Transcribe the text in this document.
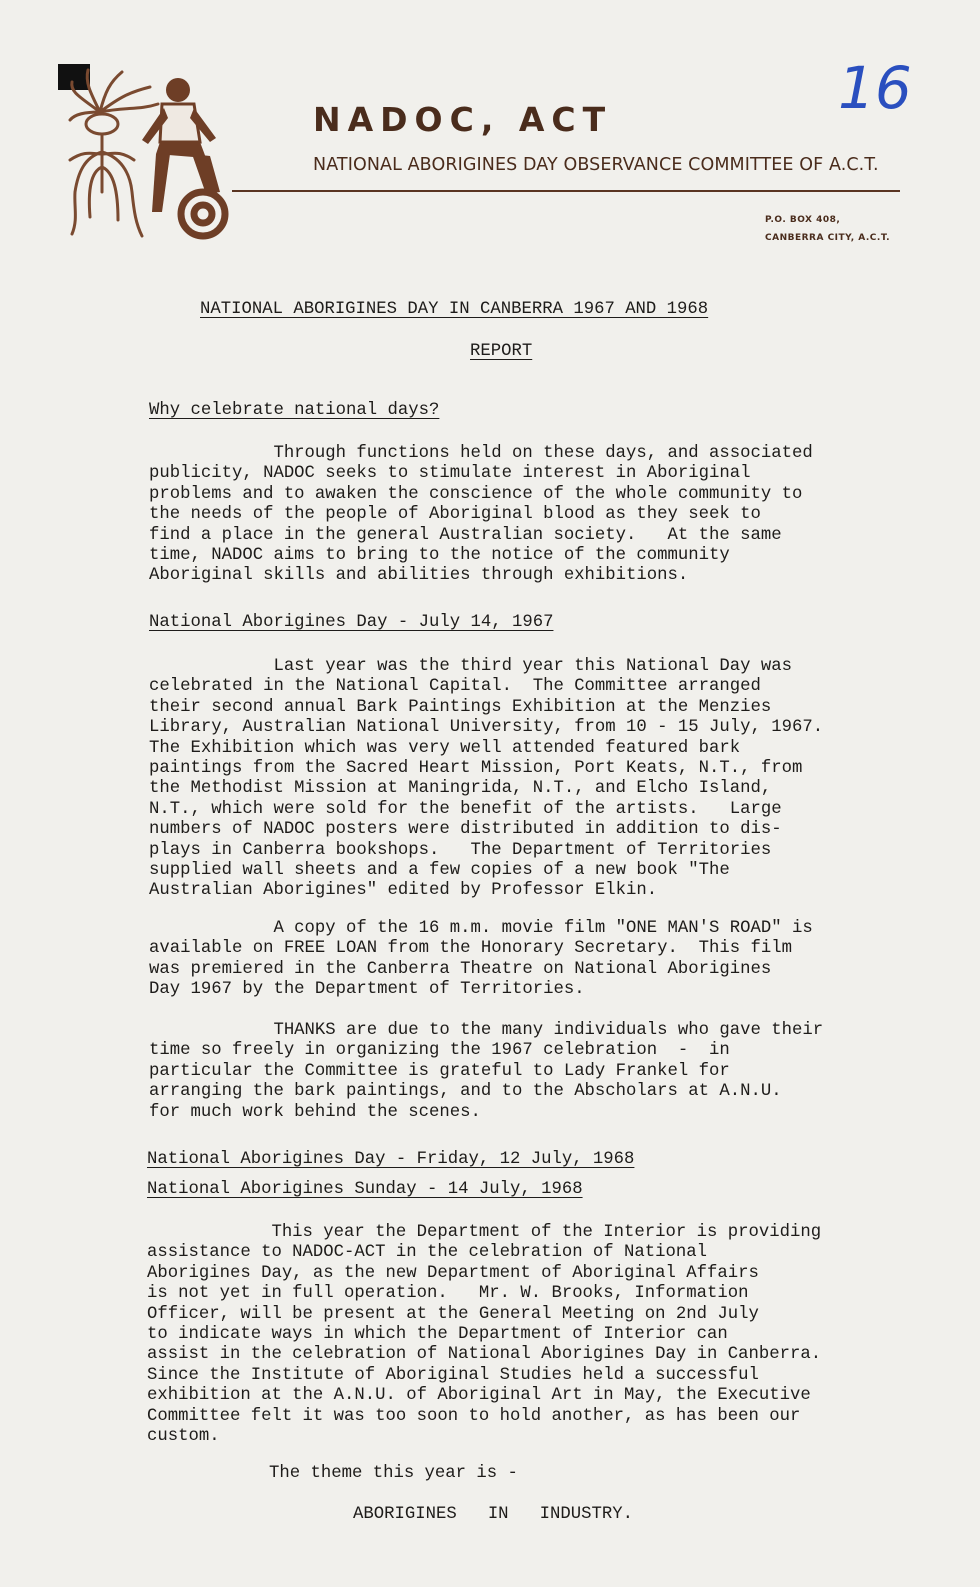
16
NADOC, ACT
NATIONAL ABORIGINES DAY OBSERVANCE COMMITTEE OF A.C.T.
P.O. BOX 408,
CANBERRA CITY, A.C.T.
NATIONAL ABORIGINES DAY IN CANBERRA 1967 AND 1968
REPORT
Why celebrate national days?
Through functions held on these days, and associated
publicity, NADOC seeks to stimulate interest in Aboriginal
problems and to awaken the conscience of the whole community to
the needs of the people of Aboriginal blood as they seek to
find a place in the general Australian society.   At the same
time, NADOC aims to bring to the notice of the community
Aboriginal skills and abilities through exhibitions.
National Aborigines Day - July 14, 1967
Last year was the third year this National Day was
celebrated in the National Capital.  The Committee arranged
their second annual Bark Paintings Exhibition at the Menzies
Library, Australian National University, from 10 - 15 July, 1967.
The Exhibition which was very well attended featured bark
paintings from the Sacred Heart Mission, Port Keats, N.T., from
the Methodist Mission at Maningrida, N.T., and Elcho Island,
N.T., which were sold for the benefit of the artists.   Large
numbers of NADOC posters were distributed in addition to dis-
plays in Canberra bookshops.   The Department of Territories
supplied wall sheets and a few copies of a new book "The
Australian Aborigines" edited by Professor Elkin.
A copy of the 16 m.m. movie film "ONE MAN'S ROAD" is
available on FREE LOAN from the Honorary Secretary.  This film
was premiered in the Canberra Theatre on National Aborigines
Day 1967 by the Department of Territories.
THANKS are due to the many individuals who gave their
time so freely in organizing the 1967 celebration  -  in
particular the Committee is grateful to Lady Frankel for
arranging the bark paintings, and to the Abscholars at A.N.U.
for much work behind the scenes.
National Aborigines Day - Friday, 12 July, 1968
National Aborigines Sunday - 14 July, 1968
This year the Department of the Interior is providing
assistance to NADOC-ACT in the celebration of National
Aborigines Day, as the new Department of Aboriginal Affairs
is not yet in full operation.   Mr. W. Brooks, Information
Officer, will be present at the General Meeting on 2nd July
to indicate ways in which the Department of Interior can
assist in the celebration of National Aborigines Day in Canberra.
Since the Institute of Aboriginal Studies held a successful
exhibition at the A.N.U. of Aboriginal Art in May, the Executive
Committee felt it was too soon to hold another, as has been our
custom.
The theme this year is -
ABORIGINES   IN   INDUSTRY.
